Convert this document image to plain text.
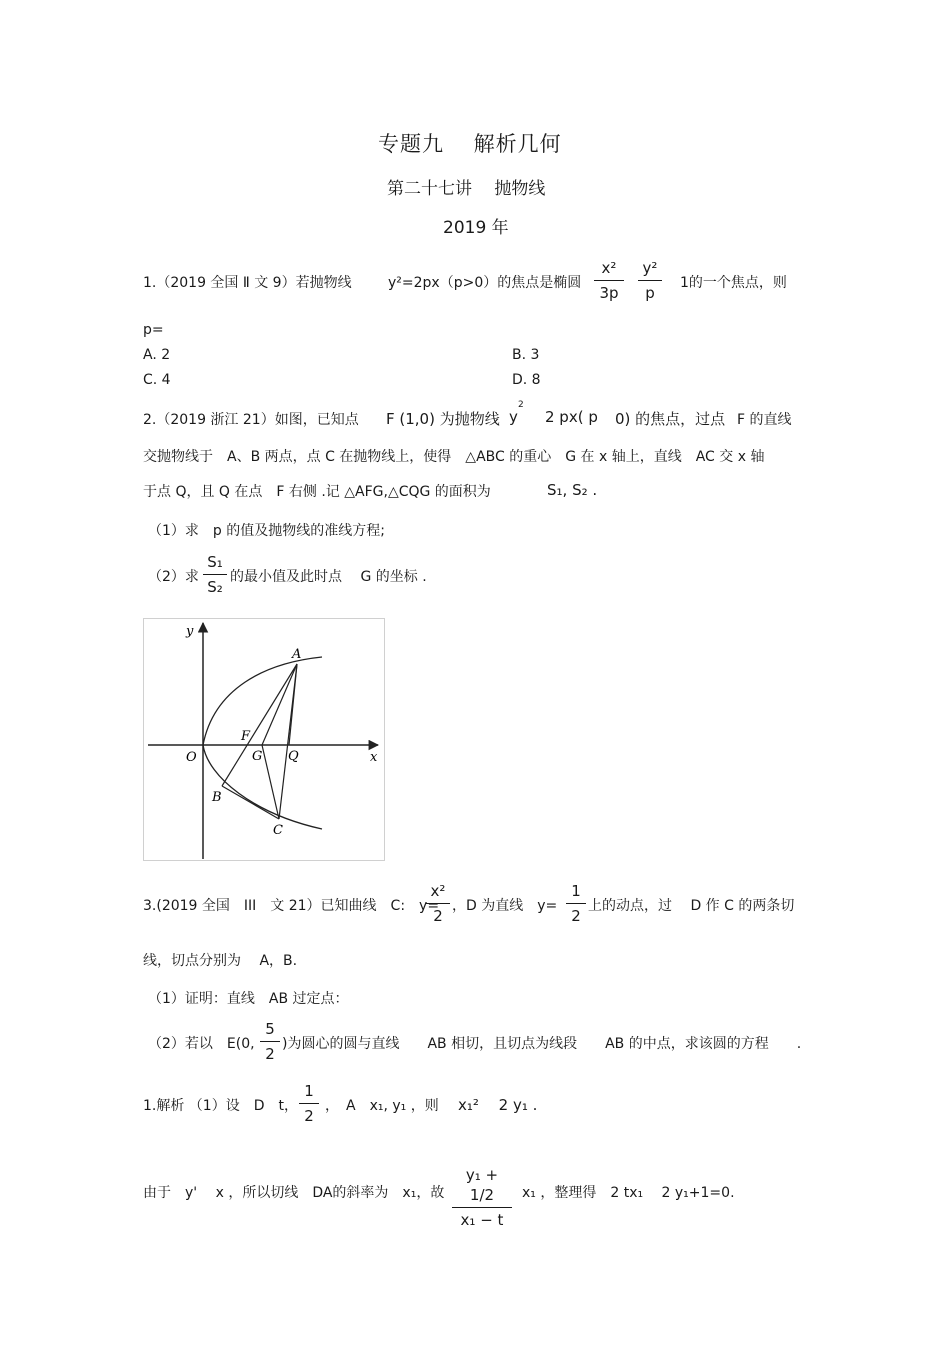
专题九　 解析几何
第二十七讲　 抛物线
2019 年
1.（2019 全国 Ⅱ 文 9）若抛物线	y²=2px（p>0）的焦点是椭圆
x²
3p
y²
p
1的一个焦点，则
p=
A. 2	B. 3
C. 4	D. 8
2.（2019 浙江 21）如图，已知点 F (1,0) 为抛物线 y
2
2 px( p 0) 的焦点，过点 F 的直线
交抛物线于　A、B 两点，点 C 在抛物线上，使得　△ABC 的重心　G 在 x 轴上，直线　AC 交 x 轴
于点 Q，且 Q 在点　F 右侧 .记 △AFG,△CQG 的面积为	S₁, S₂ .
（1）求　p 的值及抛物线的准线方程;
（2）求
S₁
S₂
的最小值及此时点　 G 的坐标 .
y
x
O
A
B
C
F
G Q
3.(2019 全国　III　文 21）已知曲线　C:　y=
x²
2
，D 为直线　y=
1
2
上的动点，过　 D 作 C 的两条切
线，切点分别为　 A，B.
（1）证明：直线　AB 过定点：
（2）若以　E(0,
5
2
)为圆心的圆与直线　　AB 相切，且切点为线段　　AB 的中点，求该圆的方程　　.
1.解析 （1）设　D　t，
1
2
，　A　x₁, y₁ ，则 x₁²　 2 y₁ .
由于　y'　 x ，所以切线　DA的斜率为　x₁，故
y₁ + 1/2
x₁ − t
x₁ ，整理得　2 tx₁　 2 y₁+1=0.
